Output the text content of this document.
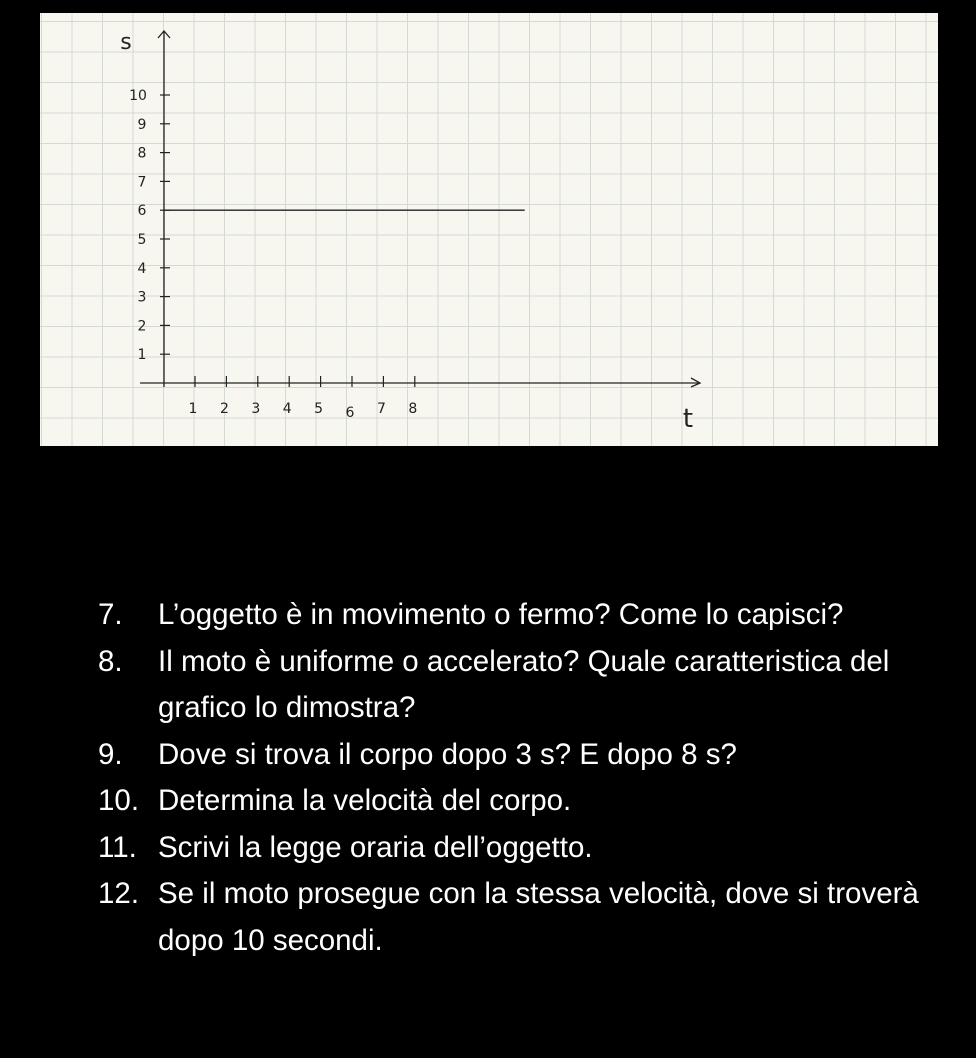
s
t
1
2
3
4
5
6
7
8
9
10
1 2 3 4 5 6 7 8
7. L’oggetto è in movimento o fermo? Come lo capisci?
8. Il moto è uniforme o accelerato? Quale caratteristica del grafico lo dimostra?
9. Dove si trova il corpo dopo 3 s? E dopo 8 s?
10. Determina la velocità del corpo.
11. Scrivi la legge oraria dell’oggetto.
12. Se il moto prosegue con la stessa velocità, dove si troverà dopo 10 secondi.
